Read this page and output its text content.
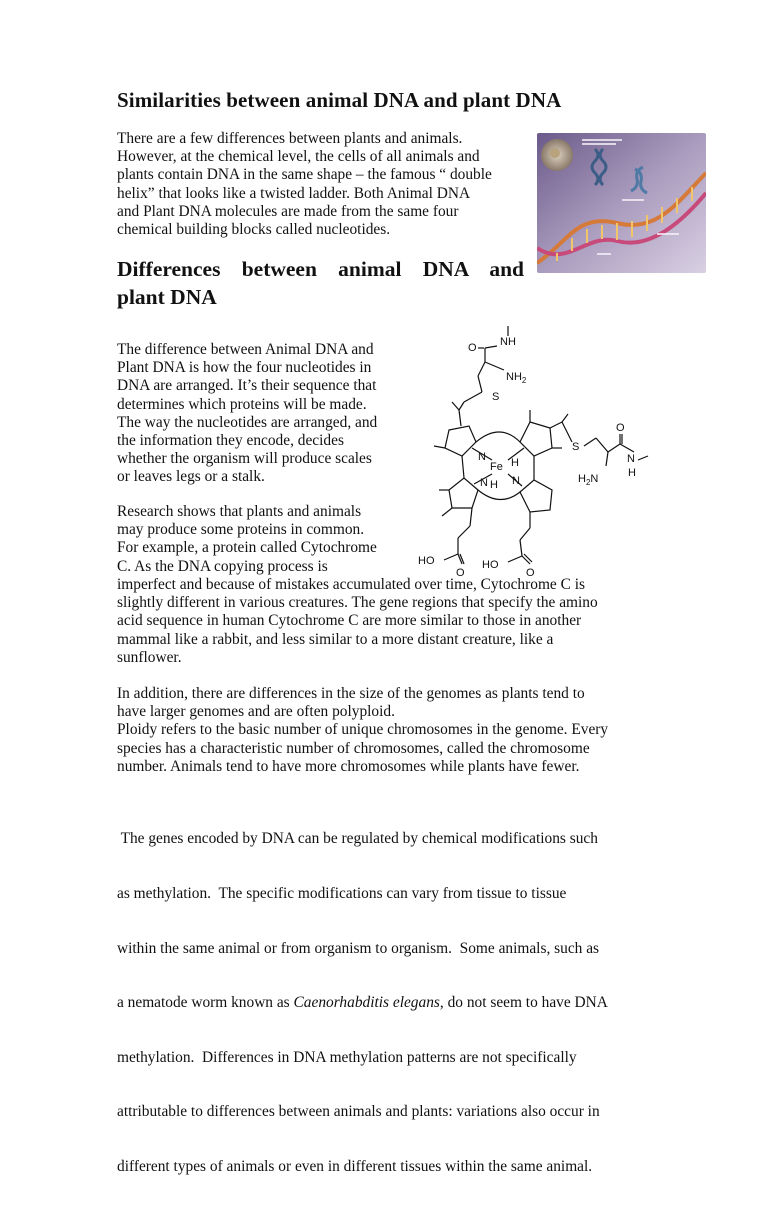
Similarities between animal DNA and plant DNA
There are a few differences between plants and animals.
However, at the chemical level, the cells of all animals and
plants contain DNA in the same shape – the famous “ double
helix” that looks like a twisted ladder. Both Animal DNA
and Plant DNA molecules are made from the same four
chemical building blocks called nucleotides.
Differences between animal DNA and
plant DNA
The difference between Animal DNA and
Plant DNA is how the four nucleotides in
DNA are arranged. It’s their sequence that
determines which proteins will be made.
The way the nucleotides are arranged, and
the information they encode, decides
whether the organism will produce scales
or leaves legs or a stalk.
O NH
$NH_2$
S
Fe H
N
N
N H
S
O
$H_2N$
N
H
HO
O
HO
O
Research shows that plants and animals
may produce some proteins in common.
For example, a protein called Cytochrome
C. As the DNA copying process is
imperfect and because of mistakes accumulated over time, Cytochrome C is
slightly different in various creatures. The gene regions that specify the amino
acid sequence in human Cytochrome C are more similar to those in another
mammal like a rabbit, and less similar to a more distant creature, like a
sunflower.
In addition, there are differences in the size of the genomes as plants tend to
have larger genomes and are often polyploid.
Ploidy refers to the basic number of unique chromosomes in the genome. Every
species has a characteristic number of chromosomes, called the chromosome
number. Animals tend to have more chromosomes while plants have fewer.

The genes encoded by DNA can be regulated by chemical modifications such

as methylation.  The specific modifications can vary from tissue to tissue

within the same animal or from organism to organism.  Some animals, such as

a nematode worm known as Caenorhabditis elegans, do not seem to have DNA

methylation.  Differences in DNA methylation patterns are not specifically

attributable to differences between animals and plants: variations also occur in

different types of animals or even in different tissues within the same animal.
